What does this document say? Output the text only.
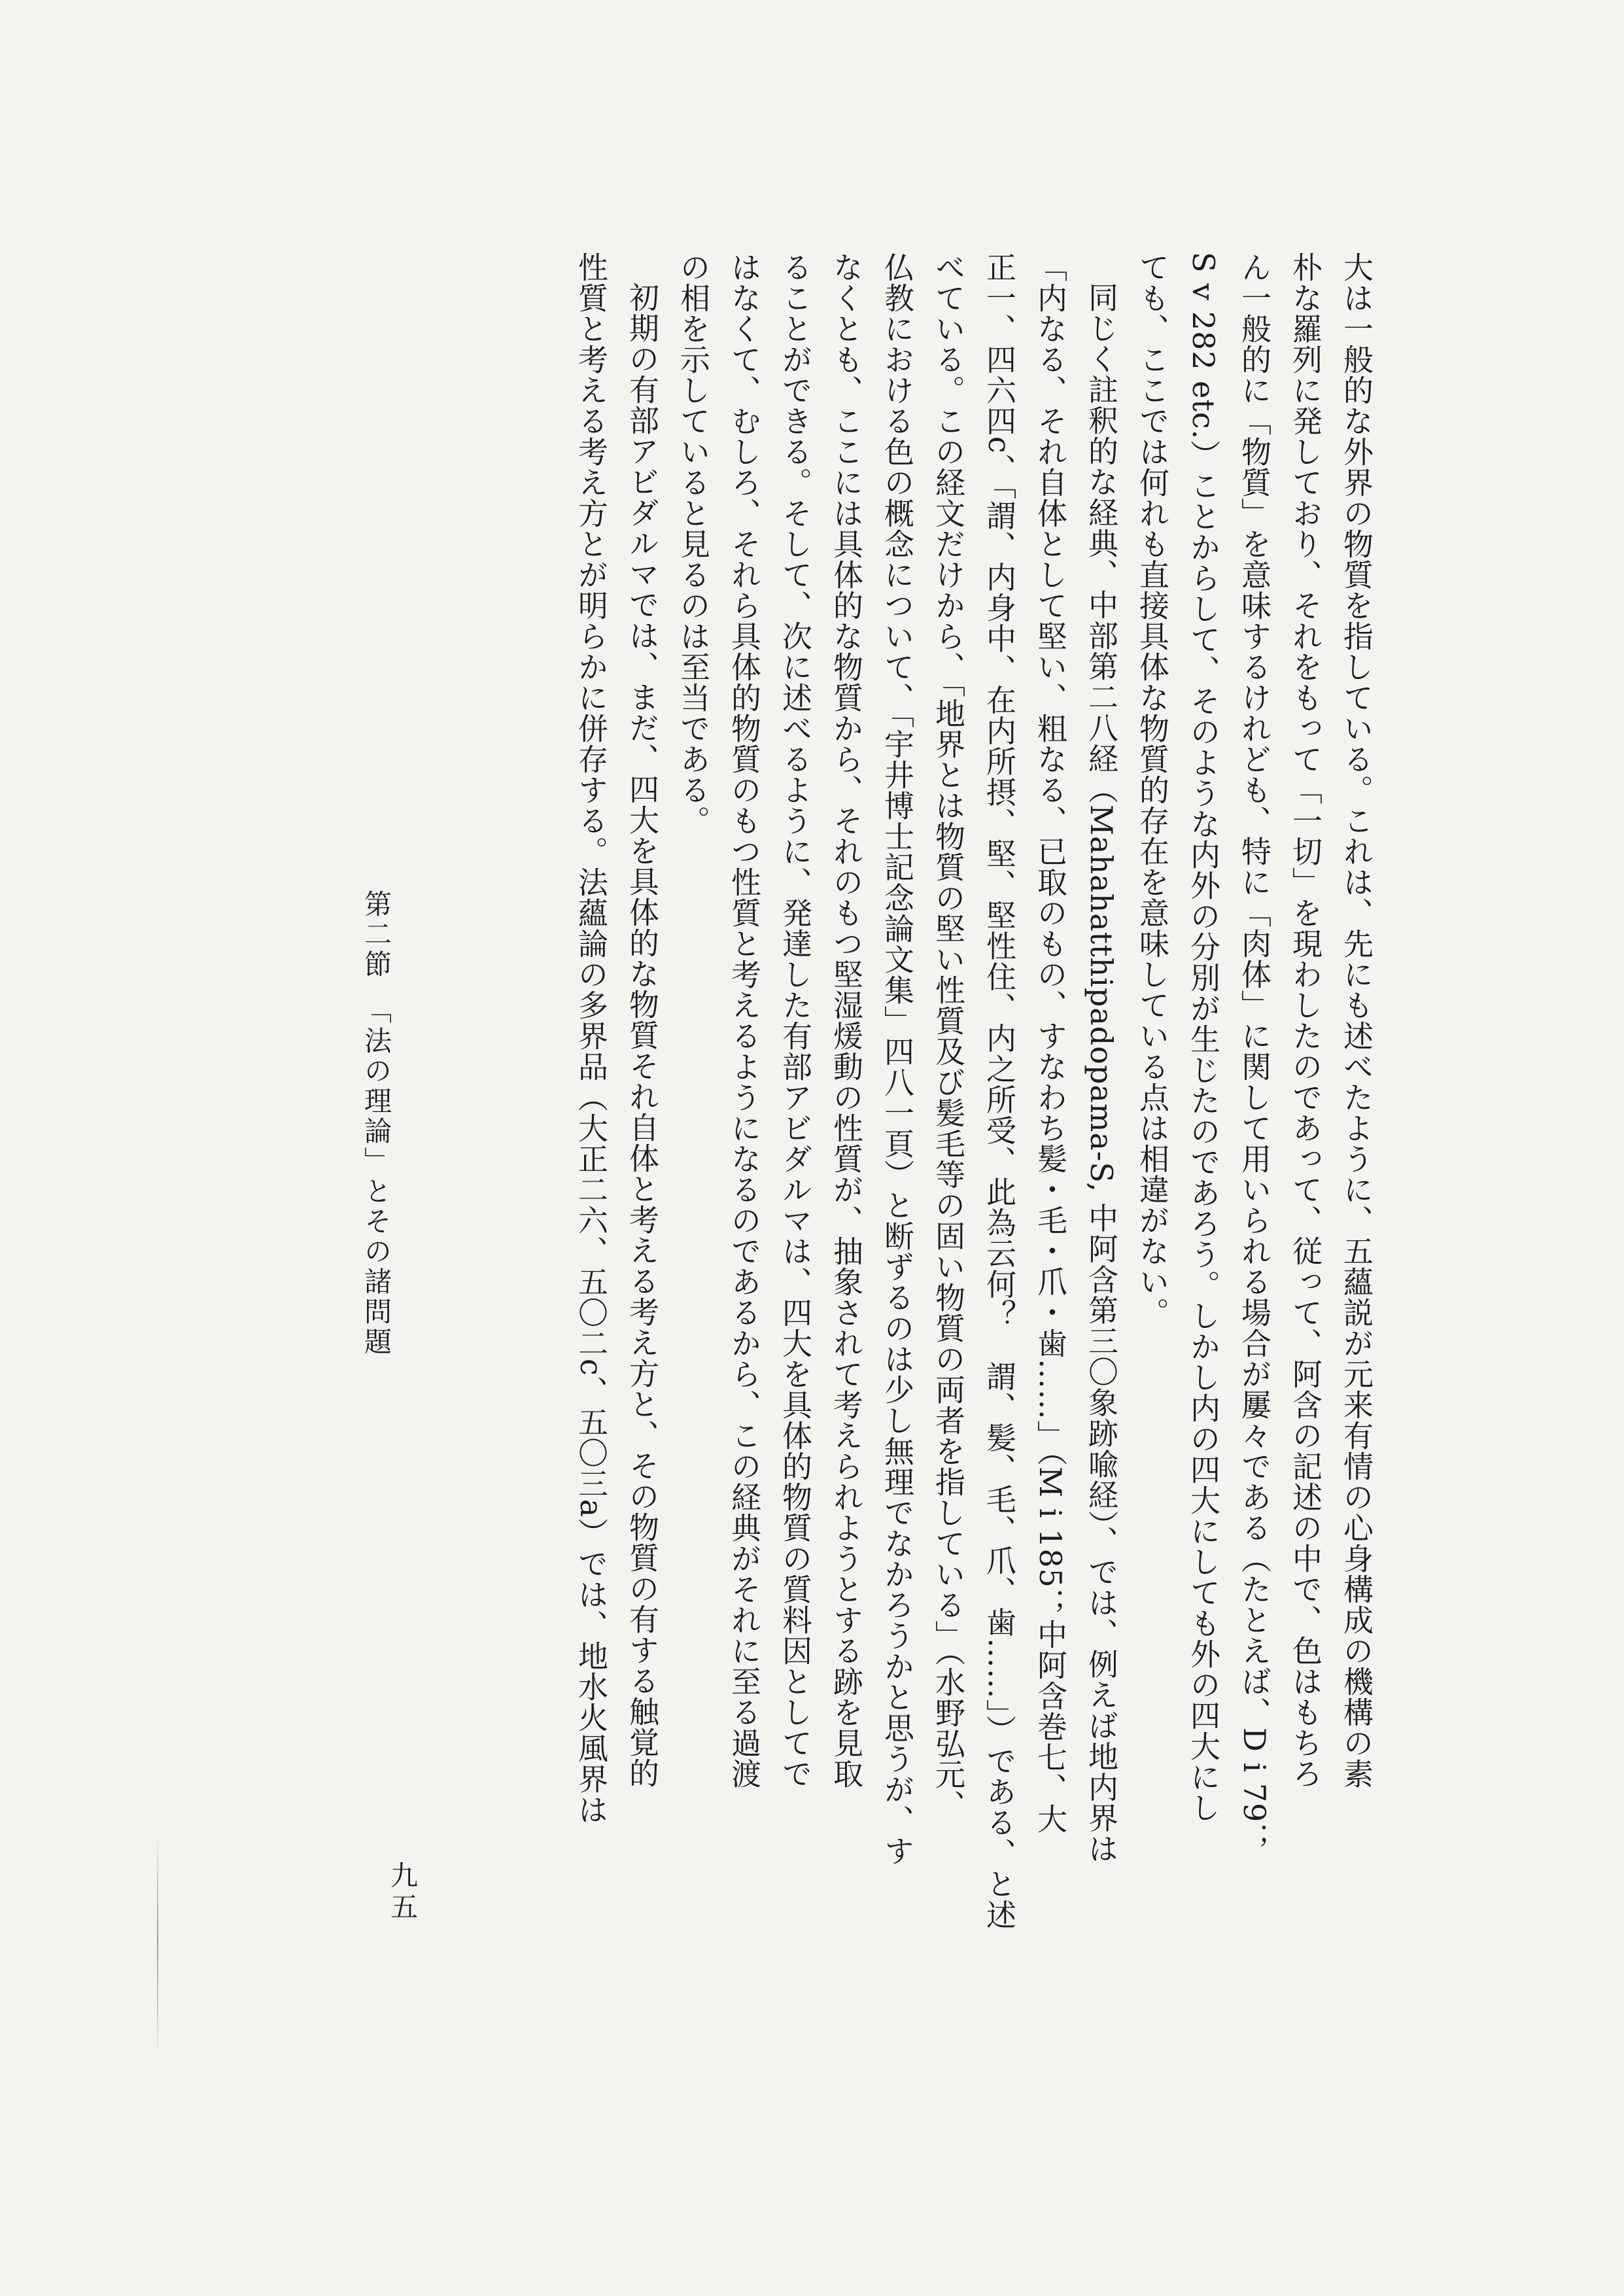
大は一般的な外界の物質を指している。これは、先にも述べたように、五蘊説が元来有情の心身構成の機構の素

朴な羅列に発しており、それをもって「一切」を現わしたのであって、従って、阿含の記述の中で、色はもちろ

ん一般的に「物質」を意味するけれども、特に「肉体」に関して用いられる場合が屢々である（たとえば、D i 79；

S v 282 etc.）ことからして、そのような内外の分別が生じたのであろう。しかし内の四大にしても外の四大にし

ても、ここでは何れも直接具体な物質的存在を意味している点は相違がない。

同じく註釈的な経典、中部第二八経（Mahahatthipadopama-S, 中阿含第三〇象跡喩経）、では、例えば地内界は

「内なる、それ自体として堅い、粗なる、已取のもの、すなわち髪・毛・爪・歯……」（M i 185；中阿含巻七、大

正一、四六四c、「謂、内身中、在内所摂、堅、堅性住、内之所受、此為云何？　謂、髪、毛、爪、歯……」）である、と述

べている。この経文だけから、「地界とは物質の堅い性質及び髪毛等の固い物質の両者を指している」（水野弘元、

仏教における色の概念について、「宇井博士記念論文集」四八一頁）と断ずるのは少し無理でなかろうかと思うが、す

なくとも、ここには具体的な物質から、それのもつ堅湿煖動の性質が、抽象されて考えられようとする跡を見取

ることができる。そして、次に述べるように、発達した有部アビダルマは、四大を具体的物質の質料因としてで

はなくて、むしろ、それら具体的物質のもつ性質と考えるようになるのであるから、この経典がそれに至る過渡

の相を示していると見るのは至当である。

初期の有部アビダルマでは、まだ、四大を具体的な物質それ自体と考える考え方と、その物質の有する触覚的

性質と考える考え方とが明らかに併存する。法蘊論の多界品（大正二六、五〇二c、五〇三a）では、地水火風界は

第二節　「法の理論」とその諸問題
九五
